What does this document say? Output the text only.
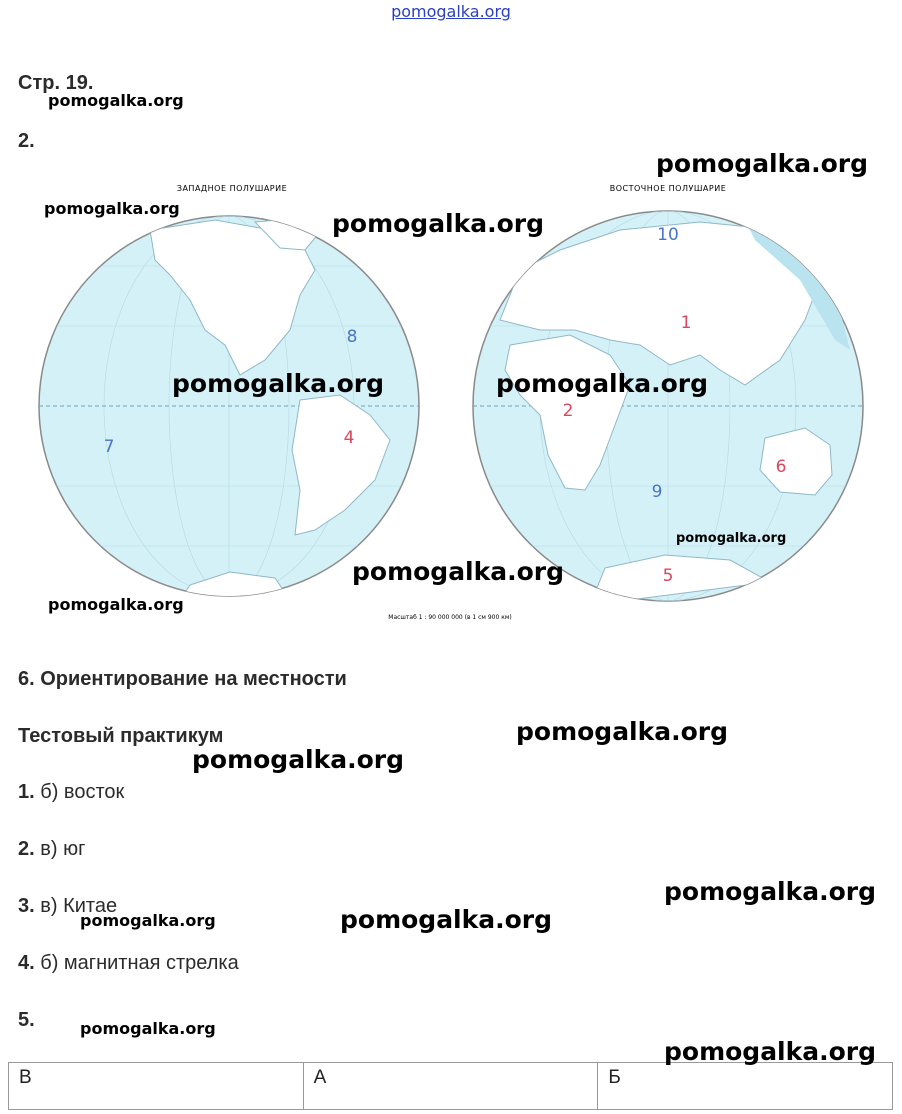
pomogalka.org
Стр. 19.
2.
ЗАПАДНОЕ ПОЛУШАРИЕ
8
4
7
ВОСТОЧНОЕ ПОЛУШАРИЕ
10
1
2
6
9
5
Масштаб 1 : 90 000 000 (в 1 см 900 км)
6. Ориентирование на местности
Тестовый практикум
1. б) восток
2. в) юг
3. в) Китае
4. б) магнитная стрелка
5.
В	А	Б
pomogalka.org
pomogalka.org
pomogalka.org
pomogalka.org
pomogalka.org	pomogalka.org
pomogalka.org
pomogalka.org
pomogalka.org
pomogalka.org
pomogalka.org
pomogalka.org
pomogalka.org	pomogalka.org
pomogalka.org
pomogalka.org
